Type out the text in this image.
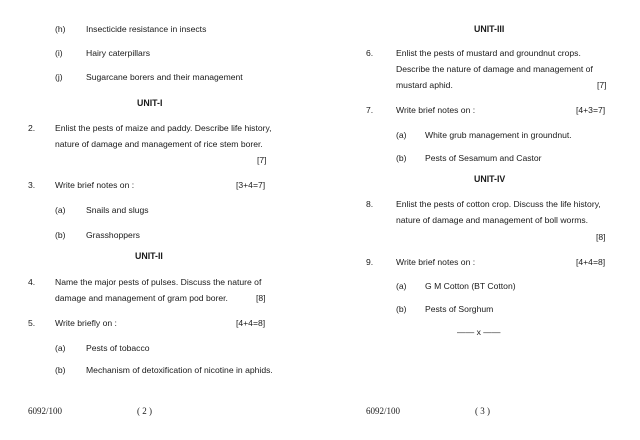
(h) Insecticide resistance in insects
(i)	Hairy caterpillars
(j)	Sugarcane borers and their management
UNIT-I
2. Enlist the pests of maize and paddy. Describe life history,
nature of damage and management of rice stem borer.
[7]
3. Write brief notes on :	[3+4=7]
(a) Snails and slugs
(b) Grasshoppers
UNIT-II
4. Name the major pests of pulses. Discuss the nature of
damage and management of gram pod borer.	[8]
5. Write briefly on :	[4+4=8]
(a) Pests of tobacco
(b) Mechanism of detoxification of nicotine in aphids.
6092/100	( 2 )
UNIT-III
6.	Enlist the pests of mustard and groundnut crops.
Describe the nature of damage and management of
mustard aphid.	[7]
7.	Write brief notes on :	[4+3=7]
(a) White grub management in groundnut.
(b) Pests of Sesamum and Castor
UNIT-IV
8.	Enlist the pests of cotton crop. Discuss the life history,
nature of damage and management of boll worms.
[8]
9.	Write brief notes on :	[4+4=8]
(a) G M Cotton (BT Cotton)
(b) Pests of Sorghum
—— x ——
6092/100	( 3 )
